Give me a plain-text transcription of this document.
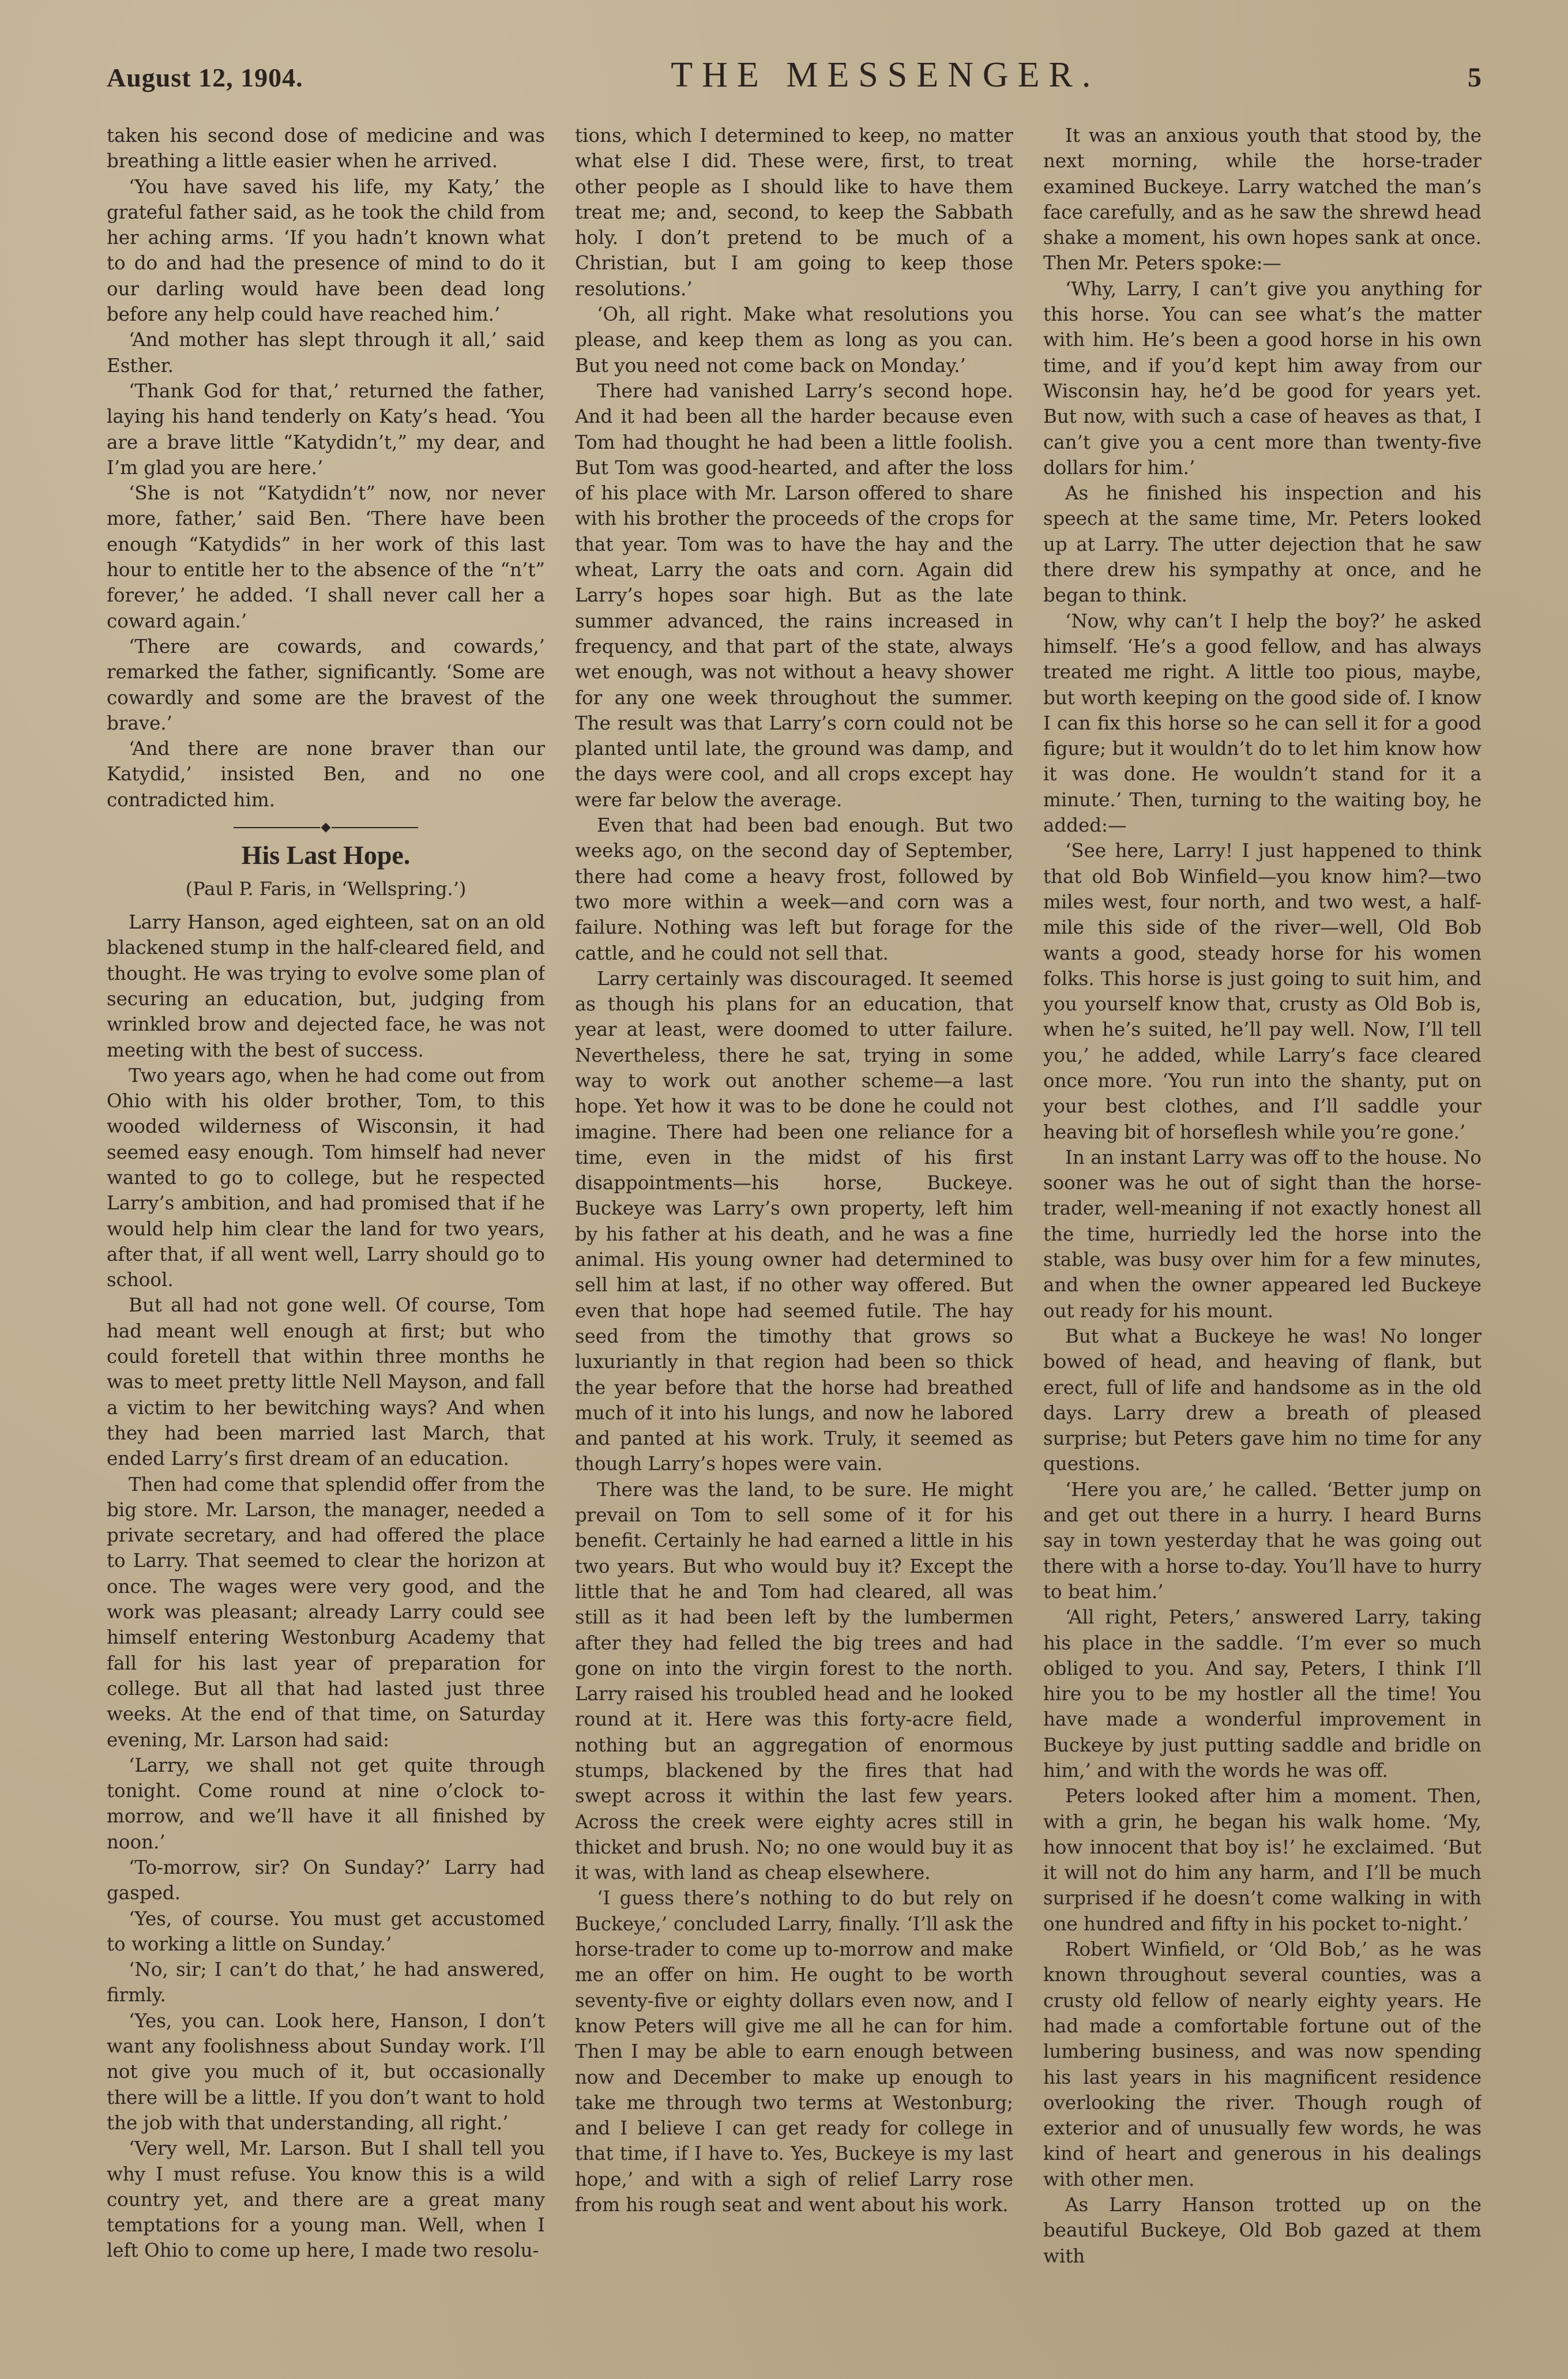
August 12, 1904.	THE MESSENGER.	5

taken his second dose of medicine and was breathing a little easier when he arrived.

‘You have saved his life, my Katy,’ the grateful father said, as he took the child from her aching arms. ‘If you hadn’t known what to do and had the presence of mind to do it our darling would have been dead long before any help could have reached him.’

‘And mother has slept through it all,’ said Esther.

‘Thank God for that,’ returned the father, laying his hand tenderly on Katy’s head. ‘You are a brave little “Katydidn’t,” my dear, and I’m glad you are here.’

‘She is not “Katydidn’t” now, nor never more, father,’ said Ben. ‘There have been enough “Katydids” in her work of this last hour to entitle her to the absence of the “n’t” forever,’ he added. ‘I shall never call her a coward again.’

‘There are cowards, and cowards,’ remarked the father, significantly. ‘Some are cowardly and some are the bravest of the brave.’

‘And there are none braver than our Katydid,’ insisted Ben, and no one contradicted him.

His Last Hope.
(Paul P. Faris, in ‘Wellspring.’)

Larry Hanson, aged eighteen, sat on an old blackened stump in the half-cleared field, and thought. He was trying to evolve some plan of securing an education, but, judging from wrinkled brow and dejected face, he was not meeting with the best of success.

Two years ago, when he had come out from Ohio with his older brother, Tom, to this wooded wilderness of Wisconsin, it had seemed easy enough. Tom himself had never wanted to go to college, but he respected Larry’s ambition, and had promised that if he would help him clear the land for two years, after that, if all went well, Larry should go to school.

But all had not gone well. Of course, Tom had meant well enough at first; but who could foretell that within three months he was to meet pretty little Nell Mayson, and fall a victim to her bewitching ways? And when they had been married last March, that ended Larry’s first dream of an education.

Then had come that splendid offer from the big store. Mr. Larson, the manager, needed a private secretary, and had offered the place to Larry. That seemed to clear the horizon at once. The wages were very good, and the work was pleasant; already Larry could see himself entering Westonburg Academy that fall for his last year of preparation for college. But all that had lasted just three weeks. At the end of that time, on Saturday evening, Mr. Larson had said:

‘Larry, we shall not get quite through tonight. Come round at nine o’clock to-morrow, and we’ll have it all finished by noon.’

‘To-morrow, sir? On Sunday?’ Larry had gasped.

‘Yes, of course. You must get accustomed to working a little on Sunday.’

‘No, sir; I can’t do that,’ he had answered, firmly.

‘Yes, you can. Look here, Hanson, I don’t want any foolishness about Sunday work. I’ll not give you much of it, but occasionally there will be a little. If you don’t want to hold the job with that understanding, all right.’

‘Very well, Mr. Larson. But I shall tell you why I must refuse. You know this is a wild country yet, and there are a great many temptations for a young man. Well, when I left Ohio to come up here, I made two resolu-

tions, which I determined to keep, no matter what else I did. These were, first, to treat other people as I should like to have them treat me; and, second, to keep the Sabbath holy. I don’t pretend to be much of a Christian, but I am going to keep those resolutions.’

‘Oh, all right. Make what resolutions you please, and keep them as long as you can. But you need not come back on Monday.’

There had vanished Larry’s second hope. And it had been all the harder because even Tom had thought he had been a little foolish. But Tom was good-hearted, and after the loss of his place with Mr. Larson offered to share with his brother the proceeds of the crops for that year. Tom was to have the hay and the wheat, Larry the oats and corn. Again did Larry’s hopes soar high. But as the late summer advanced, the rains increased in frequency, and that part of the state, always wet enough, was not without a heavy shower for any one week throughout the summer. The result was that Larry’s corn could not be planted until late, the ground was damp, and the days were cool, and all crops except hay were far below the average.

Even that had been bad enough. But two weeks ago, on the second day of September, there had come a heavy frost, followed by two more within a week—and corn was a failure. Nothing was left but forage for the cattle, and he could not sell that.

Larry certainly was discouraged. It seemed as though his plans for an education, that year at least, were doomed to utter failure. Nevertheless, there he sat, trying in some way to work out another scheme—a last hope. Yet how it was to be done he could not imagine. There had been one reliance for a time, even in the midst of his first disappointments—his horse, Buckeye. Buckeye was Larry’s own property, left him by his father at his death, and he was a fine animal. His young owner had determined to sell him at last, if no other way offered. But even that hope had seemed futile. The hay seed from the timothy that grows so luxuriantly in that region had been so thick the year before that the horse had breathed much of it into his lungs, and now he labored and panted at his work. Truly, it seemed as though Larry’s hopes were vain.

There was the land, to be sure. He might prevail on Tom to sell some of it for his benefit. Certainly he had earned a little in his two years. But who would buy it? Except the little that he and Tom had cleared, all was still as it had been left by the lumbermen after they had felled the big trees and had gone on into the virgin forest to the north. Larry raised his troubled head and he looked round at it. Here was this forty-acre field, nothing but an aggregation of enormous stumps, blackened by the fires that had swept across it within the last few years. Across the creek were eighty acres still in thicket and brush. No; no one would buy it as it was, with land as cheap elsewhere.

‘I guess there’s nothing to do but rely on Buckeye,’ concluded Larry, finally. ‘I’ll ask the horse-trader to come up to-morrow and make me an offer on him. He ought to be worth seventy-five or eighty dollars even now, and I know Peters will give me all he can for him. Then I may be able to earn enough between now and December to make up enough to take me through two terms at Westonburg; and I believe I can get ready for college in that time, if I have to. Yes, Buckeye is my last hope,’ and with a sigh of relief Larry rose from his rough seat and went about his work.

It was an anxious youth that stood by, the next morning, while the horse-trader examined Buckeye. Larry watched the man’s face carefully, and as he saw the shrewd head shake a moment, his own hopes sank at once. Then Mr. Peters spoke:—

‘Why, Larry, I can’t give you anything for this horse. You can see what’s the matter with him. He’s been a good horse in his own time, and if you’d kept him away from our Wisconsin hay, he’d be good for years yet. But now, with such a case of heaves as that, I can’t give you a cent more than twenty-five dollars for him.’

As he finished his inspection and his speech at the same time, Mr. Peters looked up at Larry. The utter dejection that he saw there drew his sympathy at once, and he began to think.

‘Now, why can’t I help the boy?’ he asked himself. ‘He’s a good fellow, and has always treated me right. A little too pious, maybe, but worth keeping on the good side of. I know I can fix this horse so he can sell it for a good figure; but it wouldn’t do to let him know how it was done. He wouldn’t stand for it a minute.’ Then, turning to the waiting boy, he added:—

‘See here, Larry! I just happened to think that old Bob Winfield—you know him?—two miles west, four north, and two west, a half-mile this side of the river—well, Old Bob wants a good, steady horse for his women folks. This horse is just going to suit him, and you yourself know that, crusty as Old Bob is, when he’s suited, he’ll pay well. Now, I’ll tell you,’ he added, while Larry’s face cleared once more. ‘You run into the shanty, put on your best clothes, and I’ll saddle your heaving bit of horseflesh while you’re gone.’

In an instant Larry was off to the house. No sooner was he out of sight than the horse-trader, well-meaning if not exactly honest all the time, hurriedly led the horse into the stable, was busy over him for a few minutes, and when the owner appeared led Buckeye out ready for his mount.

But what a Buckeye he was! No longer bowed of head, and heaving of flank, but erect, full of life and handsome as in the old days. Larry drew a breath of pleased surprise; but Peters gave him no time for any questions.

‘Here you are,’ he called. ‘Better jump on and get out there in a hurry. I heard Burns say in town yesterday that he was going out there with a horse to-day. You’ll have to hurry to beat him.’

‘All right, Peters,’ answered Larry, taking his place in the saddle. ‘I’m ever so much obliged to you. And say, Peters, I think I’ll hire you to be my hostler all the time! You have made a wonderful improvement in Buckeye by just putting saddle and bridle on him,’ and with the words he was off.

Peters looked after him a moment. Then, with a grin, he began his walk home. ‘My, how innocent that boy is!’ he exclaimed. ‘But it will not do him any harm, and I’ll be much surprised if he doesn’t come walking in with one hundred and fifty in his pocket to-night.’

Robert Winfield, or ‘Old Bob,’ as he was known throughout several counties, was a crusty old fellow of nearly eighty years. He had made a comfortable fortune out of the lumbering business, and was now spending his last years in his magnificent residence overlooking the river. Though rough of exterior and of unusually few words, he was kind of heart and generous in his dealings with other men.

As Larry Hanson trotted up on the beautiful Buckeye, Old Bob gazed at them with
